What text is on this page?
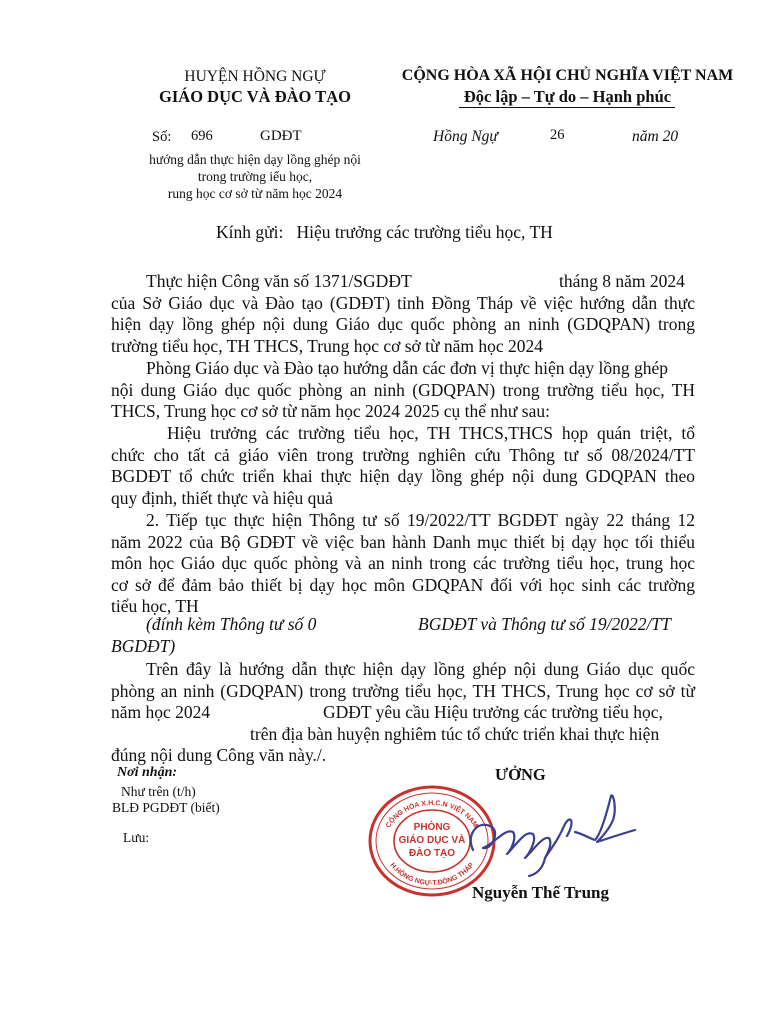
HUYỆN HỒNG NGỰ
GIÁO DỤC VÀ ĐÀO TẠO
Số: 696	GDĐT
hướng dẫn thực hiện dạy lồng ghép nội
trong trường iểu học,
rung học cơ sở từ năm học 2024
CỘNG HÒA XÃ HỘI CHỦ NGHĨA VIỆT NAM
Độc lập – Tự do – Hạnh phúc
Hồng Ngự	26	năm 20
Kính gửi: Hiệu trưởng các trường tiểu học, TH
Thực hiện Công văn số 1371/SGDĐT	tháng 8 năm 2024
của Sở Giáo dục và Đào tạo (GDĐT) tỉnh Đồng Tháp về việc hướng dẫn thực
hiện dạy lồng ghép nội dung Giáo dục quốc phòng an ninh (GDQPAN) trong
trường tiểu học, TH THCS, Trung học cơ sở từ năm học 2024
Phòng Giáo dục và Đào tạo hướng dẫn các đơn vị thực hiện dạy lồng ghép
nội dung Giáo dục quốc phòng an ninh (GDQPAN) trong trường tiểu học, TH
THCS, Trung học cơ sở từ năm học 2024 2025 cụ thể như sau:
Hiệu trưởng các trường tiểu học, TH THCS,THCS họp quán triệt, tổ
chức cho tất cả giáo viên trong trường nghiên cứu Thông tư số 08/2024/TT
BGDĐT tổ chức triển khai thực hiện dạy lồng ghép nội dung GDQPAN theo
quy định, thiết thực và hiệu quả
2. Tiếp tục thực hiện Thông tư số 19/2022/TT BGDĐT ngày 22 tháng 12
năm 2022 của Bộ GDĐT về việc ban hành Danh mục thiết bị dạy học tối thiểu
môn học Giáo dục quốc phòng và an ninh trong các trường tiểu học, trung học
cơ sở để đảm bảo thiết bị dạy học môn GDQPAN đối với học sinh các trường
tiểu học, TH
(đính kèm Thông tư số 0	BGDĐT và Thông tư số 19/2022/TT
BGDĐT)
Trên đây là hướng dẫn thực hiện dạy lồng ghép nội dung Giáo dục quốc
phòng an ninh (GDQPAN) trong trường tiểu học, TH THCS, Trung học cơ sở từ
năm học 2024	GDĐT yêu cầu Hiệu trưởng các trường tiểu học,
trên địa bàn huyện nghiêm túc tổ chức triển khai thực hiện
đúng nội dung Công văn này./.
Nơi nhận:
Như trên (t/h)
BLĐ PGDĐT (biết)
Lưu:
ƯỞNG
CỘNG HÒA X.H.C.N VIỆT NAM
H.HỒNG NGỰ-T.ĐỒNG THÁP
PHÒNG
GIÁO DỤC VÀ
ĐÀO TẠO
Nguyễn Thế Trung
